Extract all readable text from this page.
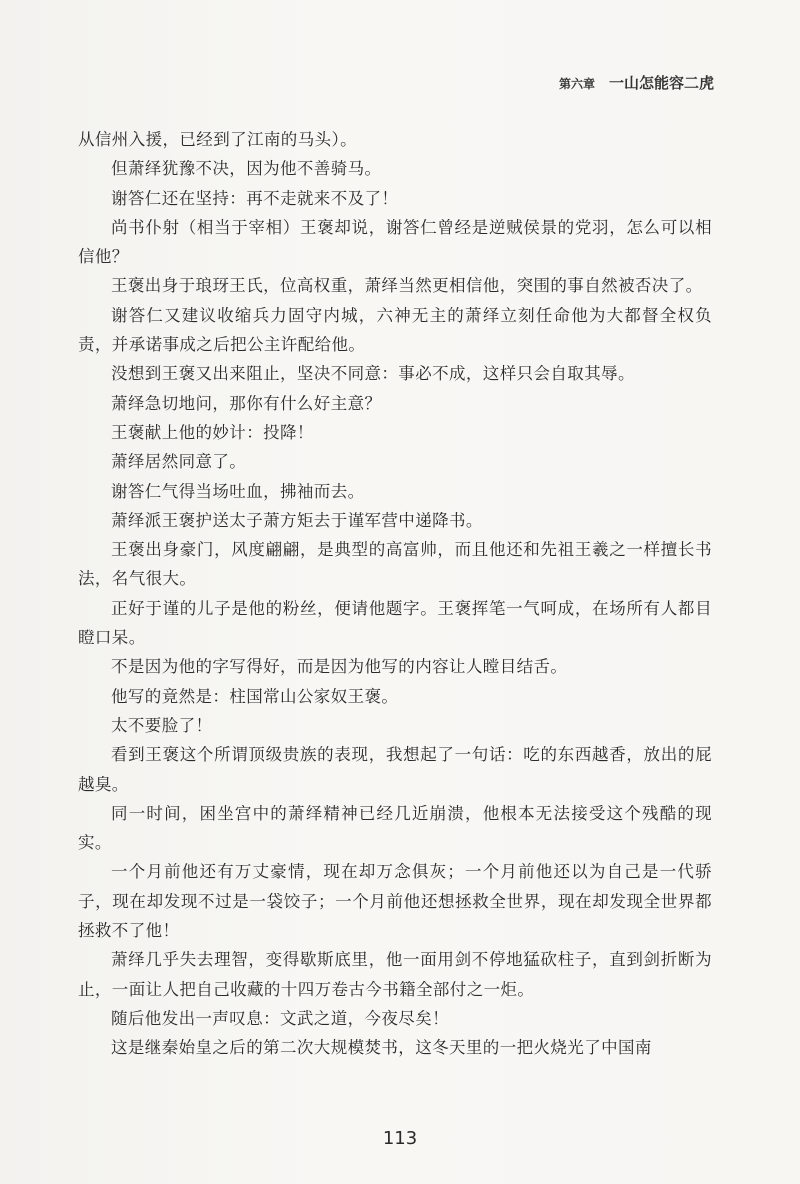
第六章 一山怎能容二虎

从信州入援，已经到了江南的马头）。

但萧绎犹豫不决，因为他不善骑马。

谢答仁还在坚持：再不走就来不及了！

尚书仆射（相当于宰相）王褒却说，谢答仁曾经是逆贼侯景的党羽，怎么可以相信他？

王褒出身于琅玡王氏，位高权重，萧绎当然更相信他，突围的事自然被否决了。

谢答仁又建议收缩兵力固守内城，六神无主的萧绎立刻任命他为大都督全权负责，并承诺事成之后把公主许配给他。

没想到王褒又出来阻止，坚决不同意：事必不成，这样只会自取其辱。

萧绎急切地问，那你有什么好主意？

王褒献上他的妙计：投降！

萧绎居然同意了。

谢答仁气得当场吐血，拂袖而去。

萧绎派王褒护送太子萧方矩去于谨军营中递降书。

王褒出身豪门，风度翩翩，是典型的高富帅，而且他还和先祖王羲之一样擅长书法，名气很大。

正好于谨的儿子是他的粉丝，便请他题字。王褒挥笔一气呵成，在场所有人都目瞪口呆。

不是因为他的字写得好，而是因为他写的内容让人瞠目结舌。

他写的竟然是：柱国常山公家奴王褒。

太不要脸了！

看到王褒这个所谓顶级贵族的表现，我想起了一句话：吃的东西越香，放出的屁越臭。

同一时间，困坐宫中的萧绎精神已经几近崩溃，他根本无法接受这个残酷的现实。

一个月前他还有万丈豪情，现在却万念俱灰；一个月前他还以为自己是一代骄子，现在却发现不过是一袋饺子；一个月前他还想拯救全世界，现在却发现全世界都拯救不了他！

萧绎几乎失去理智，变得歇斯底里，他一面用剑不停地猛砍柱子，直到剑折断为止，一面让人把自己收藏的十四万卷古今书籍全部付之一炬。

随后他发出一声叹息：文武之道，今夜尽矣！

这是继秦始皇之后的第二次大规模焚书，这冬天里的一把火烧光了中国南

113
